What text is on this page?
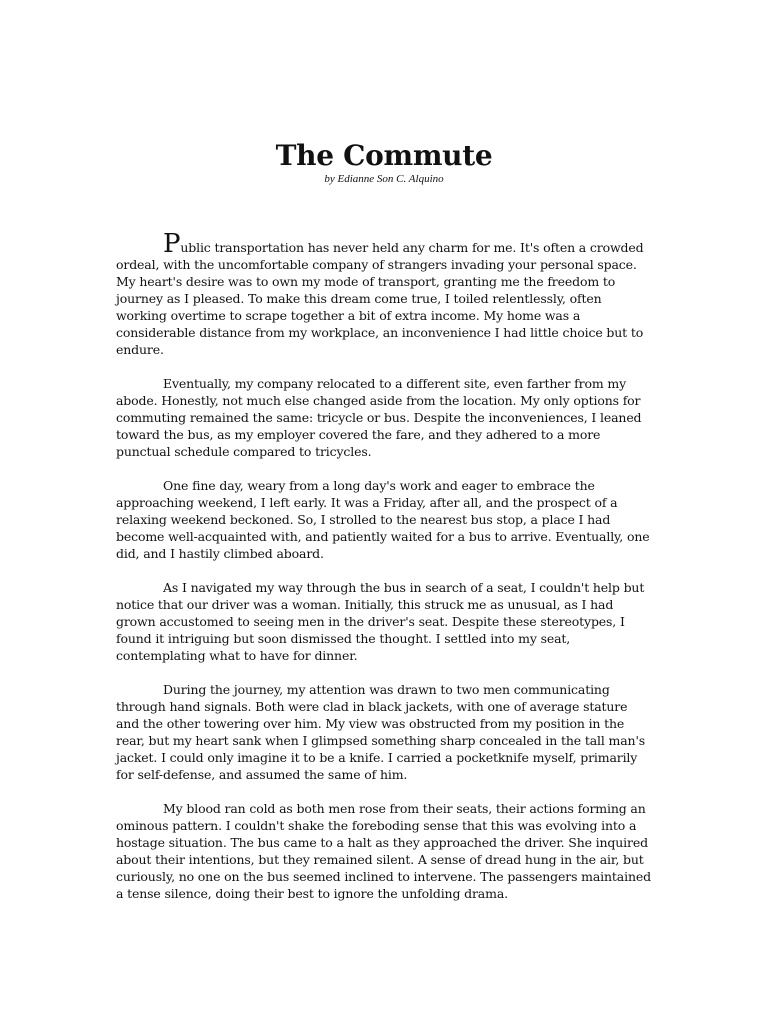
The Commute
by Edianne Son C. Alquino

Public transportation has never held any charm for me. It's often a crowded ordeal, with the uncomfortable company of strangers invading your personal space. My heart's desire was to own my mode of transport, granting me the freedom to journey as I pleased. To make this dream come true, I toiled relentlessly, often working overtime to scrape together a bit of extra income. My home was a considerable distance from my workplace, an inconvenience I had little choice but to endure.

Eventually, my company relocated to a different site, even farther from my abode. Honestly, not much else changed aside from the location. My only options for commuting remained the same: tricycle or bus. Despite the inconveniences, I leaned toward the bus, as my employer covered the fare, and they adhered to a more punctual schedule compared to tricycles.

One fine day, weary from a long day's work and eager to embrace the approaching weekend, I left early. It was a Friday, after all, and the prospect of a relaxing weekend beckoned. So, I strolled to the nearest bus stop, a place I had become well-acquainted with, and patiently waited for a bus to arrive. Eventually, one did, and I hastily climbed aboard.

As I navigated my way through the bus in search of a seat, I couldn't help but notice that our driver was a woman. Initially, this struck me as unusual, as I had grown accustomed to seeing men in the driver's seat. Despite these stereotypes, I found it intriguing but soon dismissed the thought. I settled into my seat, contemplating what to have for dinner.

During the journey, my attention was drawn to two men communicating through hand signals. Both were clad in black jackets, with one of average stature and the other towering over him. My view was obstructed from my position in the rear, but my heart sank when I glimpsed something sharp concealed in the tall man's jacket. I could only imagine it to be a knife. I carried a pocketknife myself, primarily for self-defense, and assumed the same of him.

My blood ran cold as both men rose from their seats, their actions forming an ominous pattern. I couldn't shake the foreboding sense that this was evolving into a hostage situation. The bus came to a halt as they approached the driver. She inquired about their intentions, but they remained silent. A sense of dread hung in the air, but curiously, no one on the bus seemed inclined to intervene. The passengers maintained a tense silence, doing their best to ignore the unfolding drama.
